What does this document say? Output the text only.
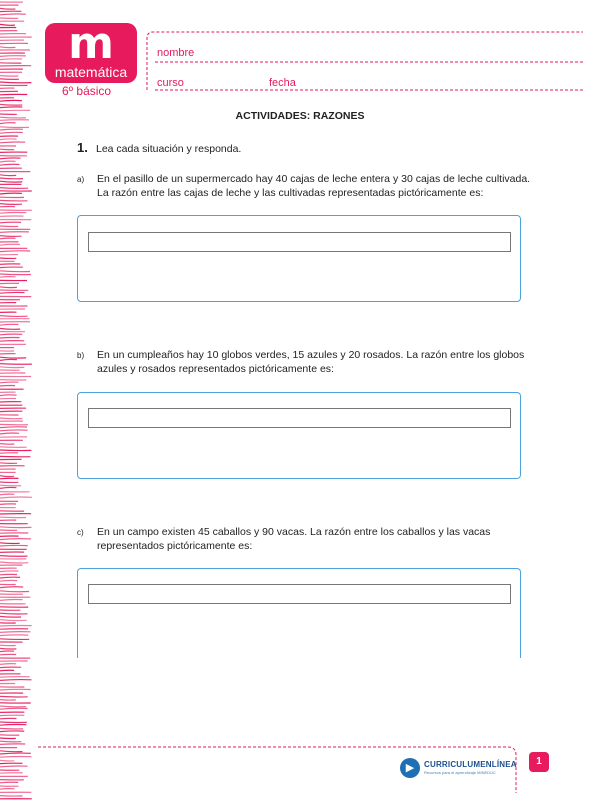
m
matemática
6º básico
nombre
curso	fecha
ACTIVIDADES: RAZONES
1. Lea cada situación y responda.
a) En el pasillo de un supermercado hay 40 cajas de leche entera y 30 cajas de leche cultivada. La razón entre las cajas de leche y las cultivadas representadas pictóricamente es:
b) En un cumpleaños hay 10 globos verdes, 15 azules y 20 rosados. La razón entre los globos azules y rosados representados pictóricamente es:
c) En un campo existen 45 caballos y 90 vacas. La razón entre los caballos y las vacas representados pictóricamente es:
▶	CURRICULUMENLÍNEA
Recursos para el aprendizaje MINEDUC
1
